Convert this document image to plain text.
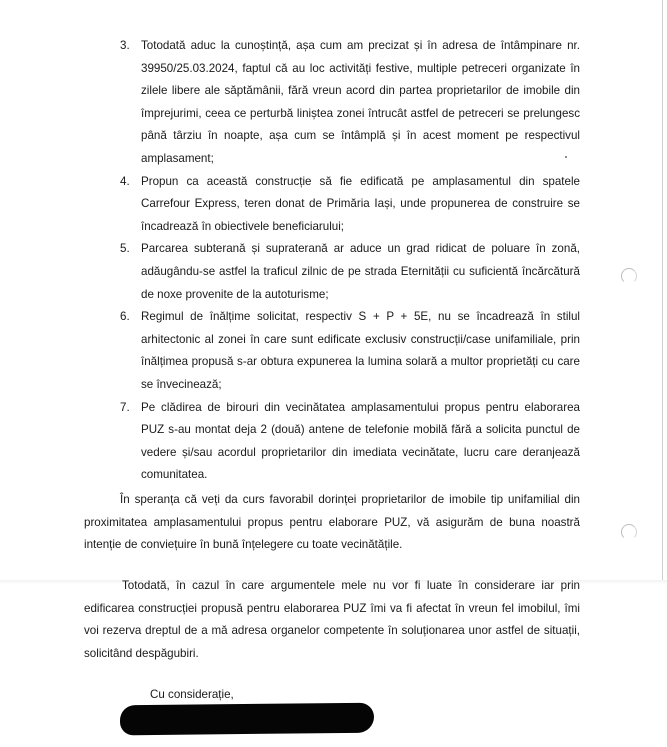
3. Totodată aduc la cunoștință, așa cum am precizat și în adresa de întâmpinare nr. 39950/25.03.2024, faptul că au loc activități festive, multiple petreceri organizate în zilele libere ale săptămânii, fără vreun acord din partea proprietarilor de imobile din împrejurimi, ceea ce perturbă liniștea zonei întrucât astfel de petreceri se prelungesc până târziu în noapte, așa cum se întâmplă și în acest moment pe respectivul amplasament;
4. Propun ca această construcție să fie edificată pe amplasamentul din spatele Carrefour Express, teren donat de Primăria Iași, unde propunerea de construire se încadrează în obiectivele beneficiarului;
5. Parcarea subterană și supraterană ar aduce un grad ridicat de poluare în zonă, adăugându-se astfel la traficul zilnic de pe strada Eternității cu suficientă încărcătură de noxe provenite de la autoturisme;
6. Regimul de înălțime solicitat, respectiv S + P + 5E, nu se încadrează în stilul arhitectonic al zonei în care sunt edificate exclusiv construcții/case unifamiliale, prin înălțimea propusă s-ar obtura expunerea la lumina solară a multor proprietăți cu care se învecinează;
7. Pe clădirea de birouri din vecinătatea amplasamentului propus pentru elaborarea PUZ s-au montat deja 2 (două) antene de telefonie mobilă fără a solicita punctul de vedere și/sau acordul proprietarilor din imediata vecinătate, lucru care deranjează comunitatea.

În speranța că veți da curs favorabil dorinței proprietarilor de imobile tip unifamilial din proximitatea amplasamentului propus pentru elaborare PUZ, vă asigurăm de buna noastră intenție de conviețuire în bună înțelegere cu toate vecinătățile.

Totodată, în cazul în care argumentele mele nu vor fi luate în considerare iar prin edificarea construcției propusă pentru elaborarea PUZ îmi va fi afectat în vreun fel imobilul, îmi voi rezerva dreptul de a mă adresa organelor competente în soluționarea unor astfel de situații, solicitând despăgubiri.

Cu considerație,
